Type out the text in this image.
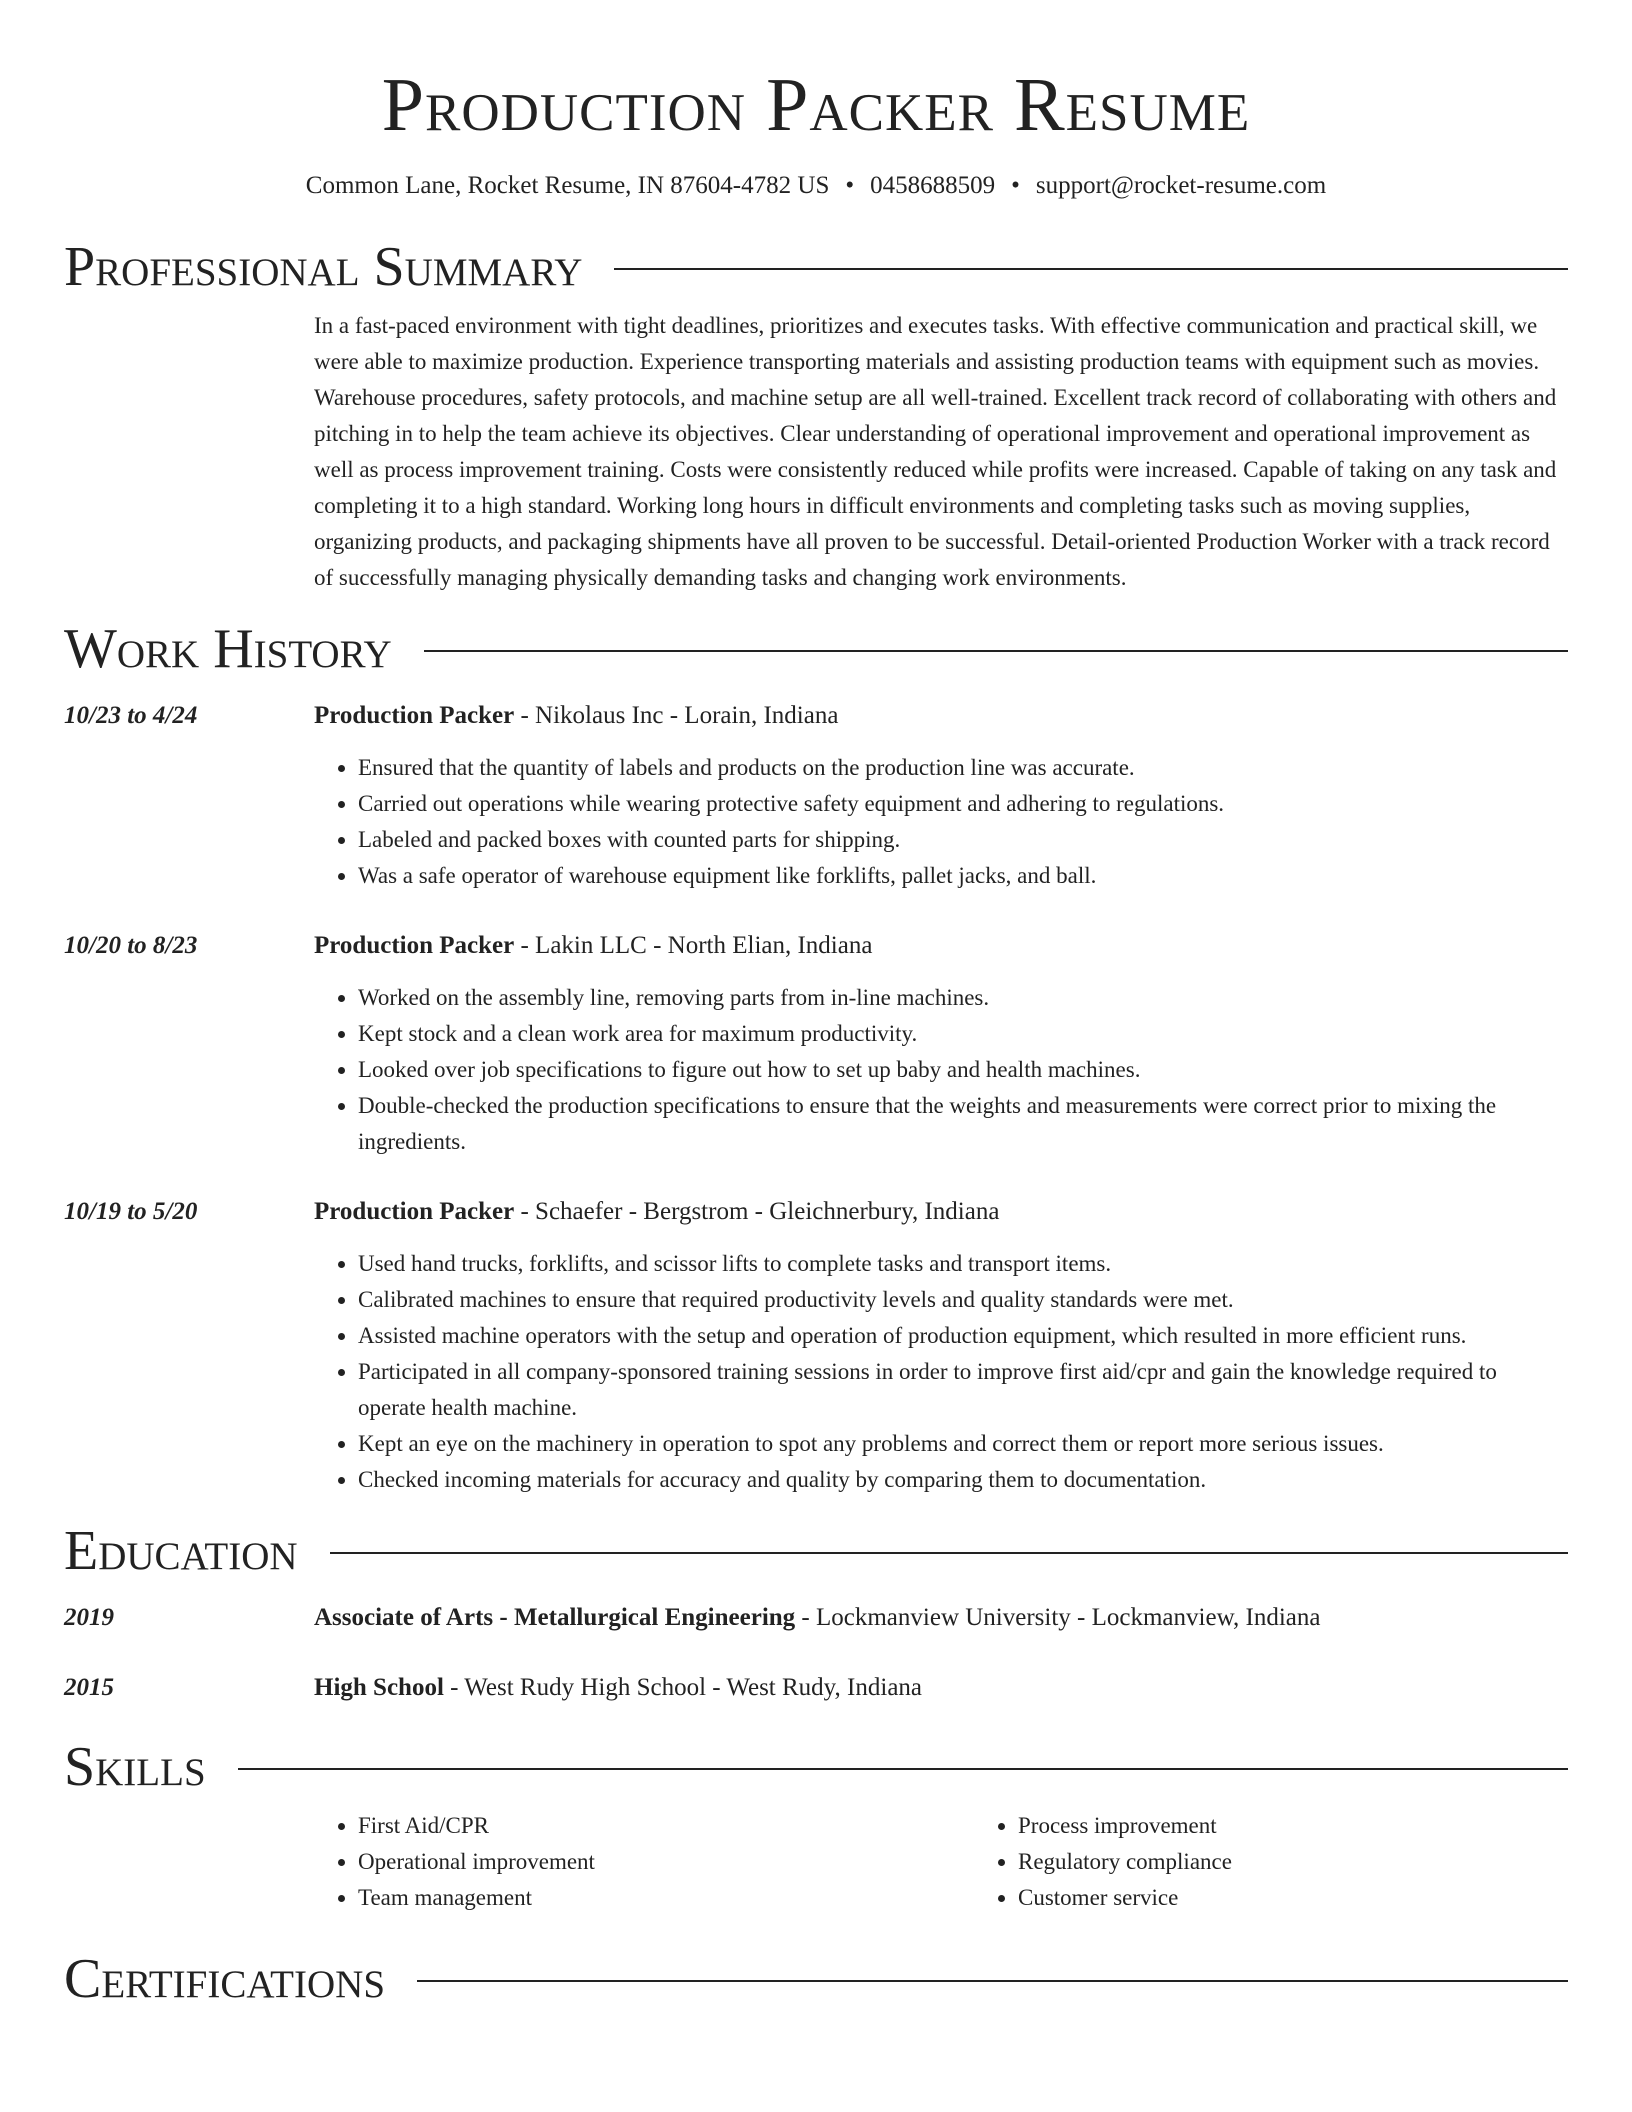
Production Packer Resume
Common Lane, Rocket Resume, IN 87604-4782 US • 0458688509 • support@rocket-resume.com
Professional Summary
In a fast-paced environment with tight deadlines, prioritizes and executes tasks. With effective communication and practical skill, we were able to maximize production. Experience transporting materials and assisting production teams with equipment such as movies. Warehouse procedures, safety protocols, and machine setup are all well-trained. Excellent track record of collaborating with others and pitching in to help the team achieve its objectives. Clear understanding of operational improvement and operational improvement as well as process improvement training. Costs were consistently reduced while profits were increased. Capable of taking on any task and completing it to a high standard. Working long hours in difficult environments and completing tasks such as moving supplies, organizing products, and packaging shipments have all proven to be successful. Detail-oriented Production Worker with a track record of successfully managing physically demanding tasks and changing work environments.
Work History
10/23 to 4/24	Production Packer - Nikolaus Inc - Lorain, Indiana
• Ensured that the quantity of labels and products on the production line was accurate.
• Carried out operations while wearing protective safety equipment and adhering to regulations.
• Labeled and packed boxes with counted parts for shipping.
• Was a safe operator of warehouse equipment like forklifts, pallet jacks, and ball.
10/20 to 8/23	Production Packer - Lakin LLC - North Elian, Indiana
• Worked on the assembly line, removing parts from in-line machines.
• Kept stock and a clean work area for maximum productivity.
• Looked over job specifications to figure out how to set up baby and health machines.
• Double-checked the production specifications to ensure that the weights and measurements were correct prior to mixing the ingredients.
10/19 to 5/20	Production Packer - Schaefer - Bergstrom - Gleichnerbury, Indiana
• Used hand trucks, forklifts, and scissor lifts to complete tasks and transport items.
• Calibrated machines to ensure that required productivity levels and quality standards were met.
• Assisted machine operators with the setup and operation of production equipment, which resulted in more efficient runs.
• Participated in all company-sponsored training sessions in order to improve first aid/cpr and gain the knowledge required to operate health machine.
• Kept an eye on the machinery in operation to spot any problems and correct them or report more serious issues.
• Checked incoming materials for accuracy and quality by comparing them to documentation.
Education
2019	Associate of Arts - Metallurgical Engineering - Lockmanview University - Lockmanview, Indiana
2015	High School - West Rudy High School - West Rudy, Indiana
Skills
• First Aid/CPR
• Operational improvement
• Team management
• Process improvement
• Regulatory compliance
• Customer service
Certifications
